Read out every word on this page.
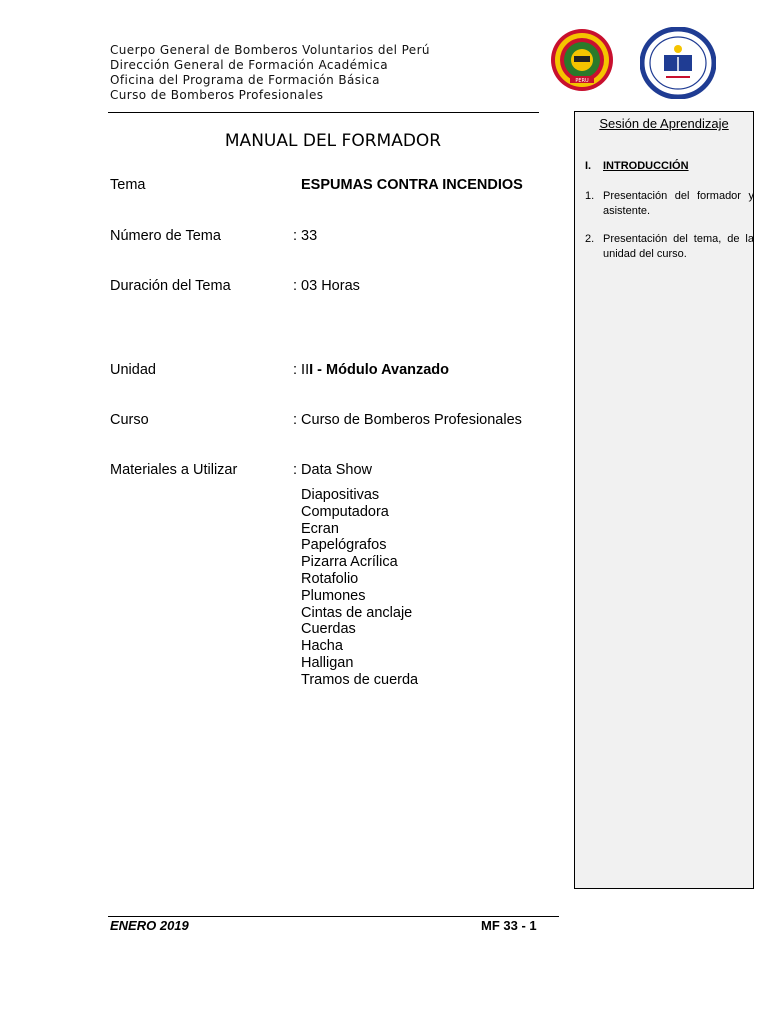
Cuerpo General de Bomberos Voluntarios del Perú
Dirección General de Formación Académica
Oficina del Programa de Formación Básica
Curso de Bomberos Profesionales
PERU
MANUAL DEL FORMADOR
Tema	ESPUMAS CONTRA INCENDIOS
Número de Tema	: 33
Duración del Tema	: 03 Horas
Unidad	: III - Módulo Avanzado
Curso	: Curso de Bomberos Profesionales
Materiales a Utilizar	: Data Show
Diapositivas
Computadora
Ecran
Papelógrafos
Pizarra Acrílica
Rotafolio
Plumones
Cintas de anclaje
Cuerdas
Hacha
Halligan
Tramos de cuerda
Sesión de Aprendizaje
I. INTRODUCCIÓN
1. Presentación del formador y asistente.
2. Presentación del tema, de la unidad del curso.
ENERO 2019	MF 33 - 1
